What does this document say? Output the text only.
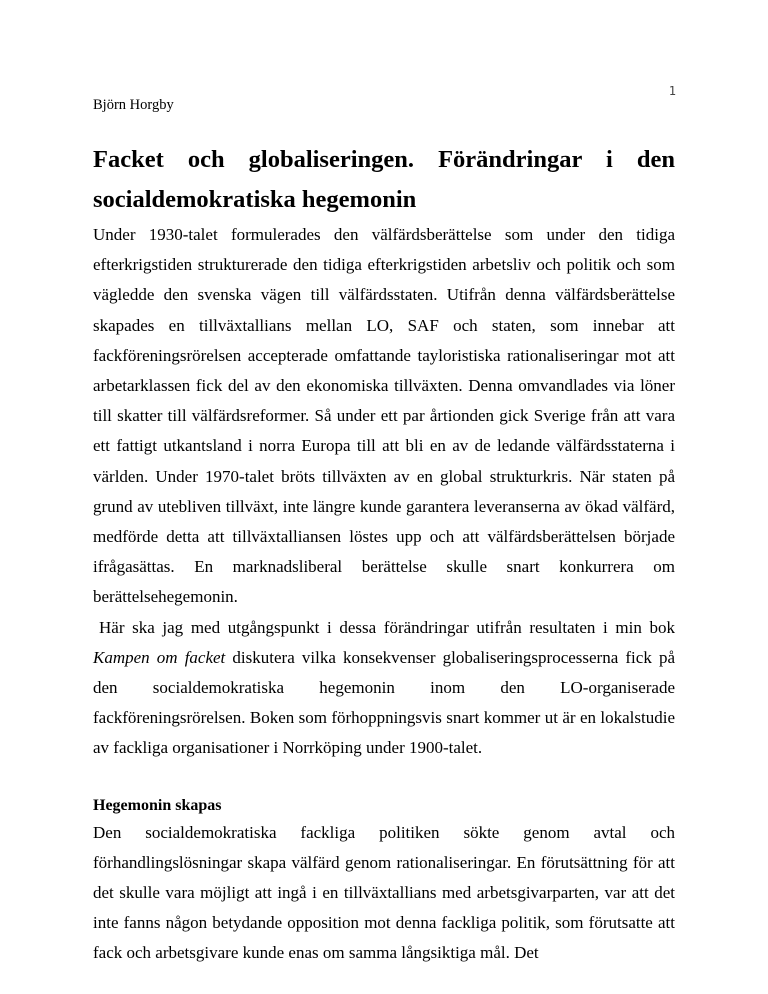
1
Björn Horgby
Facket och globaliseringen. Förändringar i den socialdemokratiska hegemonin

Under 1930-talet formulerades den välfärdsberättelse som under den tidiga efterkrigstiden strukturerade den tidiga efterkrigstiden arbetsliv och politik och som vägledde den svenska vägen till välfärdsstaten. Utifrån denna välfärdsberättelse skapades en tillväxtallians mellan LO, SAF och staten, som innebar att fackföreningsrörelsen accepterade omfattande tayloristiska rationaliseringar mot att arbetarklassen fick del av den ekonomiska tillväxten. Denna omvandlades via löner till skatter till välfärdsreformer. Så under ett par årtionden gick Sverige från att vara ett fattigt utkantsland i norra Europa till att bli en av de ledande välfärdsstaterna i världen. Under 1970-talet bröts tillväxten av en global strukturkris. När staten på grund av utebliven tillväxt, inte längre kunde garantera leveranserna av ökad välfärd, medförde detta att tillväxtalliansen löstes upp och att välfärdsberättelsen började ifrågasättas. En marknadsliberal berättelse skulle snart konkurrera om berättelsehegemonin.

Här ska jag med utgångspunkt i dessa förändringar utifrån resultaten i min bok Kampen om facket diskutera vilka konsekvenser globaliseringsprocesserna fick på den socialdemokratiska hegemonin inom den LO-organiserade fackföreningsrörelsen. Boken som förhoppningsvis snart kommer ut är en lokalstudie av fackliga organisationer i Norrköping under 1900-talet.

Hegemonin skapas

Den socialdemokratiska fackliga politiken sökte genom avtal och förhandlingslösningar skapa välfärd genom rationaliseringar. En förutsättning för att det skulle vara möjligt att ingå i en tillväxtallians med arbetsgivarparten, var att det inte fanns någon betydande opposition mot denna fackliga politik, som förutsatte att fack och arbetsgivare kunde enas om samma långsiktiga mål. Det
